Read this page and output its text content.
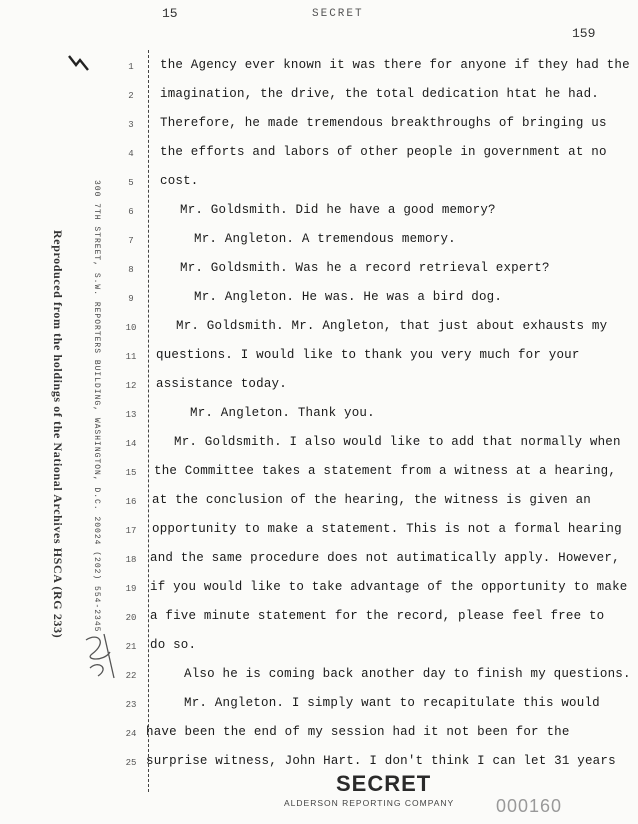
15	SECRET
159
Reproduced from the holdings of the National Archives HSCA (RG 233)	300 7TH STREET, S.W. REPORTERS BUILDING, WASHINGTON, D.C. 20024 (202) 554-2345
1
2
3
4
5
6
7
8
9
10
11
12
13
14
15
16
17
18
19
20
21
22
23
24
25
the Agency ever known it was there for anyone if they had the
imagination, the drive, the total dedication htat he had.
Therefore, he made tremendous breakthroughs of bringing us
the efforts and labors of other people in government at no
cost.
Mr. Goldsmith. Did he have a good memory?
Mr. Angleton. A tremendous memory.
Mr. Goldsmith. Was he a record retrieval expert?
Mr. Angleton. He was. He was a bird dog.
Mr. Goldsmith. Mr. Angleton, that just about exhausts my
questions. I would like to thank you very much for your
assistance today.
Mr. Angleton. Thank you.
Mr. Goldsmith. I also would like to add that normally when
the Committee takes a statement from a witness at a hearing,
at the conclusion of the hearing, the witness is given an
opportunity to make a statement. This is not a formal hearing
and the same procedure does not autimatically apply. However,
if you would like to take advantage of the opportunity to make
a five minute statement for the record, please feel free to
do so.
Also he is coming back another day to finish my questions.
Mr. Angleton. I simply want to recapitulate this would
have been the end of my session had it not been for the
surprise witness, John Hart. I don't think I can let 31 years
SECRET
ALDERSON REPORTING COMPANY 000160
